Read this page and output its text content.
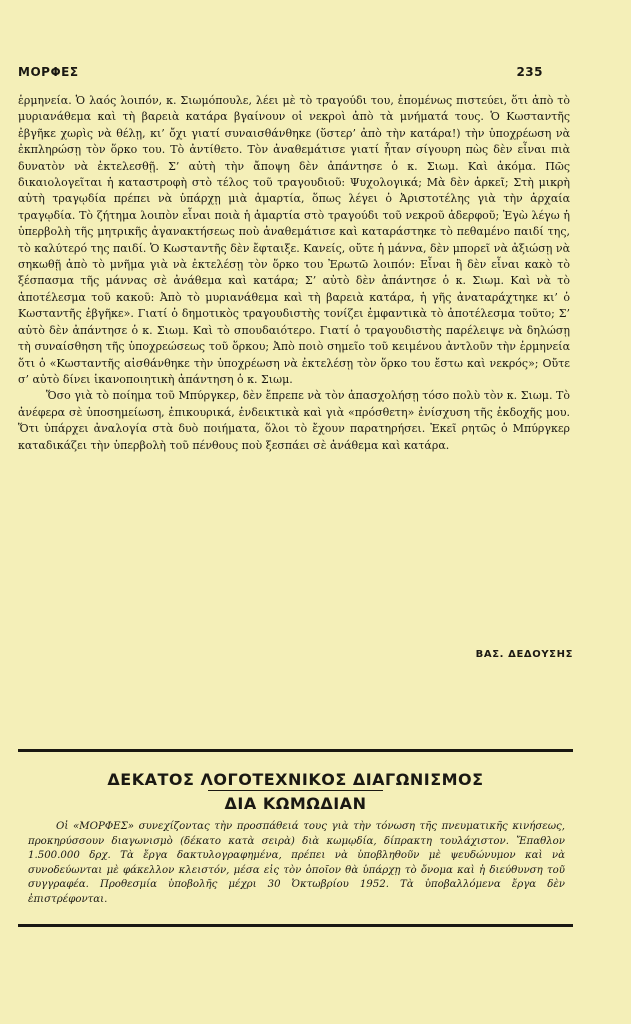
ΜΟΡΦΕΣ	235

ἑρμηνεία. Ὁ λαός λοιπόν, κ. Σιωμόπουλε, λέει μὲ τὸ τραγούδι του, ἐπομένως πιστεύει, ὅτι ἀπὸ τὸ μυριανάθεμα καὶ τὴ βαρειὰ κατάρα βγαίνουν οἱ νεκροὶ ἀπὸ τὰ μνήματά τους. Ὁ Κωσταντῆς ἐβγῆκε χωρὶς νὰ θέλῃ, κι’ ὄχι γιατί συναισθάνθηκε (ὕστερ’ ἀπὸ τὴν κατάρα!) τὴν ὑποχρέωση νὰ ἐκπληρώσῃ τὸν ὅρκο του. Τὸ ἀντίθετο. Τὸν ἀναθεμάτισε γιατί ἦταν σίγουρη πὼς δὲν εἶναι πιὰ δυνατὸν νὰ ἐκτελεσθῇ. Σ’ αὐτὴ τὴν ἄποψη δὲν ἀπάντησε ὁ κ. Σιωμ. Καὶ ἀκόμα. Πῶς δικαιολογεῖται ἡ καταστροφὴ στὸ τέλος τοῦ τραγουδιοῦ: Ψυχολογικά; Μὰ δὲν ἀρκεῖ; Στὴ μικρὴ αὐτὴ τραγῳδία πρέπει νὰ ὑπάρχῃ μιὰ ἁμαρτία, ὅπως λέγει ὁ Ἀριστοτέλης γιὰ τὴν ἀρχαία τραγῳδία. Τὸ ζήτημα λοιπὸν εἶναι ποιὰ ἡ ἁμαρτία στὸ τραγούδι τοῦ νεκροῦ ἀδερφοῦ; Ἐγὼ λέγω ἡ ὑπερβολὴ τῆς μητρικῆς ἀγανακτήσεως ποὺ ἀναθεμάτισε καὶ καταράστηκε τὸ πεθαμένο παιδί της, τὸ καλύτερό της παιδί. Ὁ Κωσταντῆς δὲν ἔφταιξε. Κανείς, οὔτε ἡ μάννα, δὲν μπορεῖ νὰ ἀξιώσῃ νὰ σηκωθῇ ἀπὸ τὸ μνῆμα γιὰ νὰ ἐκτελέσῃ τὸν ὅρκο του Ἐρωτῶ λοιπόν: Εἶναι ἢ δὲν εἶναι κακὸ τὸ ξέσπασμα τῆς μάννας σὲ ἀνάθεμα καὶ κατάρα; Σ’ αὐτὸ δὲν ἀπάντησε ὁ κ. Σιωμ. Καὶ νὰ τὸ ἀποτέλεσμα τοῦ κακοῦ: Ἀπὸ τὸ μυριανάθεμα καὶ τὴ βαρειὰ κατάρα, ἡ γῆς ἀναταράχτηκε κι’ ὁ Κωσταντῆς ἐβγῆκε». Γιατί ὁ δημοτικὸς τραγουδιστὴς τονίζει ἐμφαντικὰ τὸ ἀποτέλεσμα τοῦτο; Σ’ αὐτὸ δὲν ἀπάντησε ὁ κ. Σιωμ. Καὶ τὸ σπουδαιότερο. Γιατί ὁ τραγουδιστὴς παρέλειψε νὰ δηλώσῃ τὴ συναίσθηση τῆς ὑποχρεώσεως τοῦ ὅρκου; Ἀπὸ ποιὸ σημεῖο τοῦ κειμένου ἀντλοῦν τὴν ἑρμηνεία ὅτι ὁ «Κωσταντῆς αἰσθάνθηκε τὴν ὑποχρέωση νὰ ἐκτελέσῃ τὸν ὅρκο του ἔστω καὶ νεκρός»; Οὔτε σ’ αὐτὸ δίνει ἱκανοποιητικὴ ἀπάντηση ὁ κ. Σιωμ.

Ὅσο γιὰ τὸ ποίημα τοῦ Μπύργκερ, δὲν ἔπρεπε νὰ τὸν ἀπασχολήσῃ τόσο πολὺ τὸν κ. Σιωμ. Τὸ ἀνέφερα σὲ ὑποσημείωση, ἐπικουρικά, ἐνδεικτικὰ καὶ γιὰ «πρόσθετη» ἐνίσχυση τῆς ἐκδοχῆς μου. Ὅτι ὑπάρχει ἀναλογία στὰ δυὸ ποιήματα, ὅλοι τὸ ἔχουν παρατηρήσει. Ἐκεῖ ρητῶς ὁ Μπύργκερ καταδικάζει τὴν ὑπερβολὴ τοῦ πένθους ποὺ ξεσπάει σὲ ἀνάθεμα καὶ κατάρα.

ΒΑΣ. ΔΕΔΟΥΣΗΣ
ΔΕΚΑΤΟΣ ΛΟΓΟΤΕΧΝΙΚΟΣ ΔΙΑΓΩΝΙΣΜΟΣ
ΔΙΑ ΚΩΜΩΔΙΑΝ
Οἱ «ΜΟΡΦΕΣ» συνεχίζοντας τὴν προσπάθειά τους γιὰ τὴν τόνωση τῆς πνευματικῆς κινήσεως, προκηρύσσουν διαγωνισμὸ (δέκατο κατὰ σειρὰ) διὰ κωμῳδία, δίπρακτη τουλάχιστον. Ἔπαθλον 1.500.000 δρχ. Τὰ ἔργα δακτυλογραφημένα, πρέπει νὰ ὑποβληθοῦν μὲ ψευδώνυμον καὶ νὰ συνοδεύωνται μὲ φάκελλον κλειστόν, μέσα εἰς τὸν ὁποῖον θὰ ὑπάρχῃ τὸ ὄνομα καὶ ἡ διεύθυνση τοῦ συγγραφέα. Προθεσμία ὑποβολῆς μέχρι 30 Ὀκτωβρίου 1952. Τὰ ὑποβαλλόμενα ἔργα δὲν ἐπιστρέφονται.
